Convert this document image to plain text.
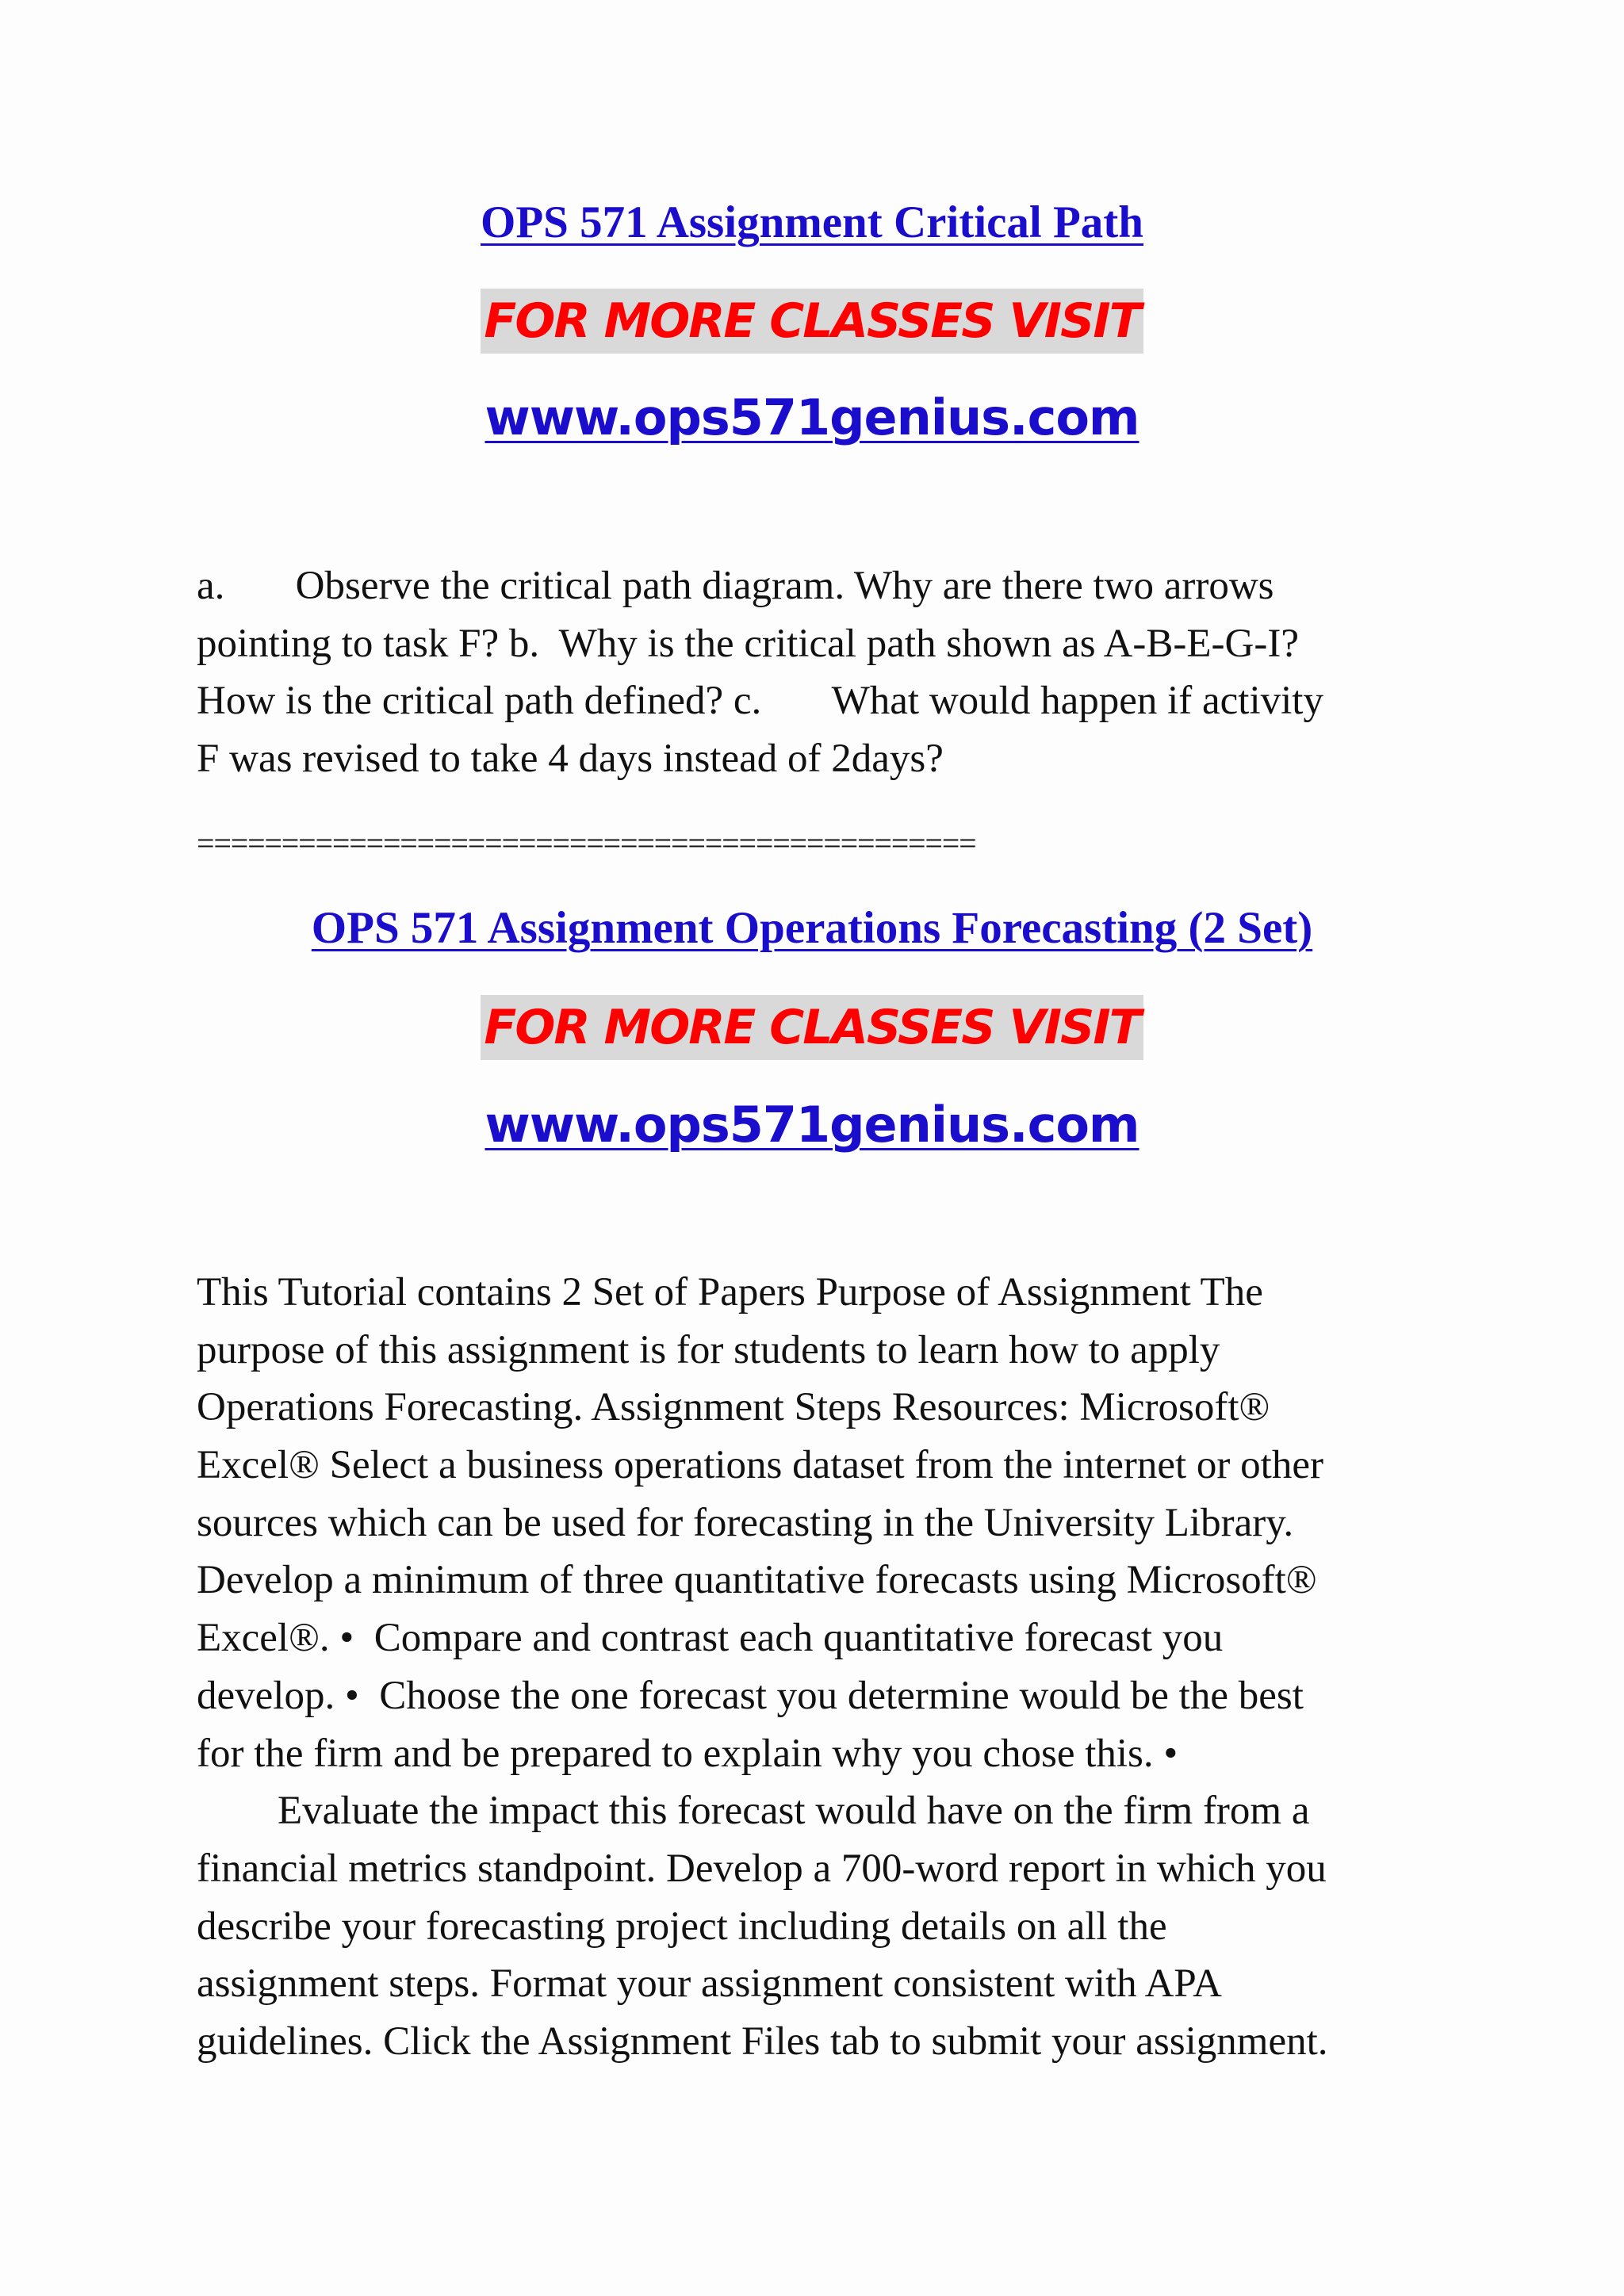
OPS 571 Assignment Critical Path
FOR MORE CLASSES VISIT
www.ops571genius.com
a.       Observe the critical path diagram. Why are there two arrows
pointing to task F? b.  Why is the critical path shown as A-B-E-G-I?
How is the critical path defined? c.       What would happen if activity
F was revised to take 4 days instead of 2days?
==============================================
OPS 571 Assignment Operations Forecasting (2 Set)
FOR MORE CLASSES VISIT
www.ops571genius.com
This Tutorial contains 2 Set of Papers Purpose of Assignment The
purpose of this assignment is for students to learn how to apply
Operations Forecasting. Assignment Steps Resources: Microsoft®
Excel® Select a business operations dataset from the internet or other
sources which can be used for forecasting in the University Library.
Develop a minimum of three quantitative forecasts using Microsoft®
Excel®. •  Compare and contrast each quantitative forecast you
develop. •  Choose the one forecast you determine would be the best
for the firm and be prepared to explain why you chose this. •
Evaluate the impact this forecast would have on the firm from a
financial metrics standpoint. Develop a 700-word report in which you
describe your forecasting project including details on all the
assignment steps. Format your assignment consistent with APA
guidelines. Click the Assignment Files tab to submit your assignment.
